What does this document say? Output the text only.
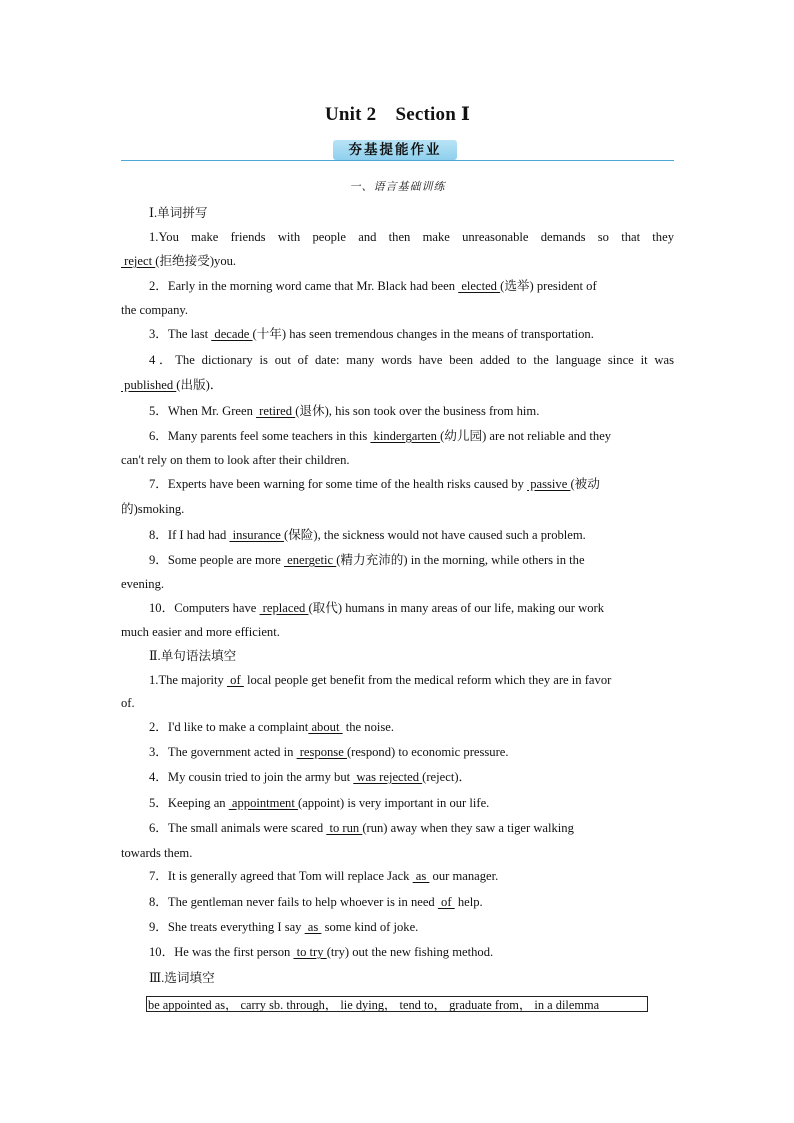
Unit 2　Section Ⅰ
夯基提能作业
一、语言基础训练
Ⅰ.单词拼写
1.You make friends with people and then make unreasonable demands so that they
reject (拒绝接受)you.
2．Early in the morning word came that Mr. Black had been  elected (选举) president of
the company.
3．The last  decade (十年) has seen tremendous changes in the means of transportation.
4．The dictionary is out of date: many words have been added to the language since it was
published (出版)．
5．When Mr. Green  retired (退休), his son took over the business from him.
6．Many parents feel some teachers in this  kindergarten (幼儿园) are not reliable and they
can't rely on them to look after their children.
7．Experts have been warning for some time of the health risks caused by  passive (被动
的)smoking.
8．If I had had  insurance (保险), the sickness would not have caused such a problem.
9．Some people are more  energetic (精力充沛的) in the morning, while others in the
evening.
10．Computers have  replaced (取代) humans in many areas of our life, making our work
much easier and more efficient.
Ⅱ.单句语法填空
1.The majority  of  local people get benefit from the medical reform which they are in favor
of.
2．I'd like to make a complaint about  the noise.
3．The government acted in  response (respond) to economic pressure.
4．My cousin tried to join the army but  was rejected (reject)．
5．Keeping an  appointment (appoint) is very important in our life.
6．The small animals were scared  to run (run) away when they saw a tiger walking
towards them.
7．It is generally agreed that Tom will replace Jack  as  our manager.
8．The gentleman never fails to help whoever is in need  of  help.
9．She treats everything I say  as  some kind of joke.
10．He was the first person  to try (try) out the new fishing method.
Ⅲ.选词填空
be appointed as， carry sb. through， lie dying， tend to， graduate from， in a dilemma
